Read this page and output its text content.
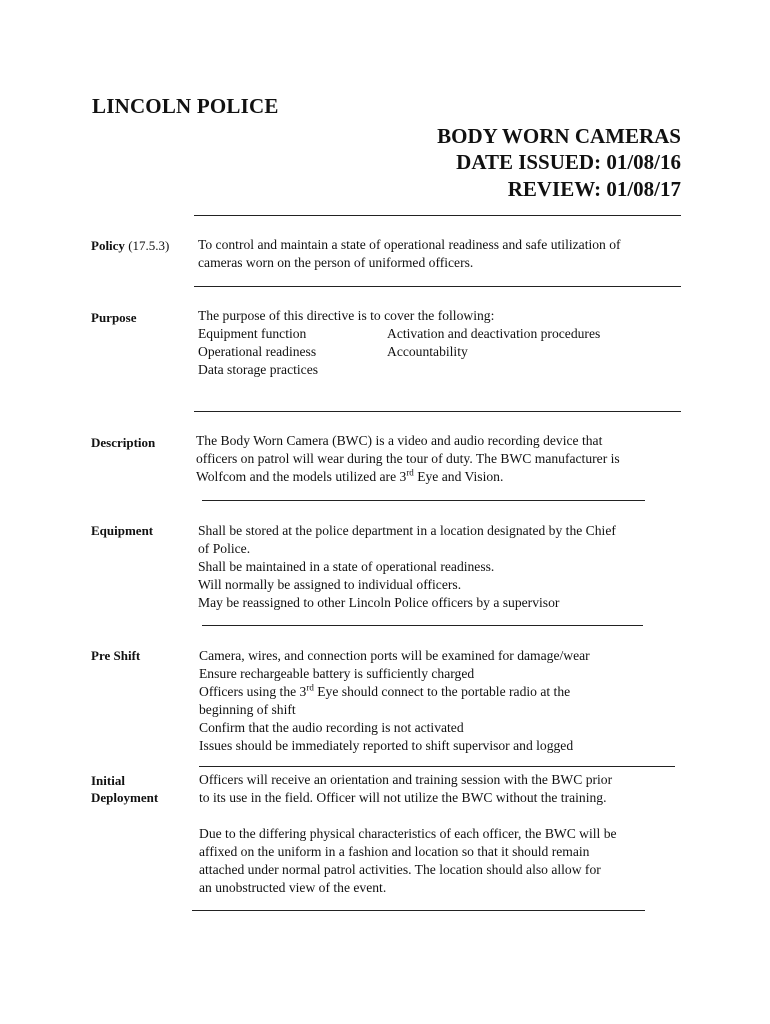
LINCOLN POLICE
BODY WORN CAMERAS
DATE ISSUED: 01/08/16
REVIEW: 01/08/17
Policy (17.5.3) To control and maintain a state of operational readiness and safe utilization of
cameras worn on the person of uniformed officers.
Purpose	The purpose of this directive is to cover the following:
Equipment function	Activation and deactivation procedures
Operational readiness	Accountability
Data storage practices
Description	The Body Worn Camera (BWC) is a video and audio recording device that
officers on patrol will wear during the tour of duty. The BWC manufacturer is
Wolfcom and the models utilized are 3rd Eye and Vision.
Equipment	Shall be stored at the police department in a location designated by the Chief
of Police.
Shall be maintained in a state of operational readiness.
Will normally be assigned to individual officers.
May be reassigned to other Lincoln Police officers by a supervisor
Pre Shift	Camera, wires, and connection ports will be examined for damage/wear
Ensure rechargeable battery is sufficiently charged
Officers using the 3rd Eye should connect to the portable radio at the
beginning of shift
Confirm that the audio recording is not activated
Issues should be immediately reported to shift supervisor and logged
Initial
Deployment
Officers will receive an orientation and training session with the BWC prior
to its use in the field. Officer will not utilize the BWC without the training.
Due to the differing physical characteristics of each officer, the BWC will be
affixed on the uniform in a fashion and location so that it should remain
attached under normal patrol activities. The location should also allow for
an unobstructed view of the event.
